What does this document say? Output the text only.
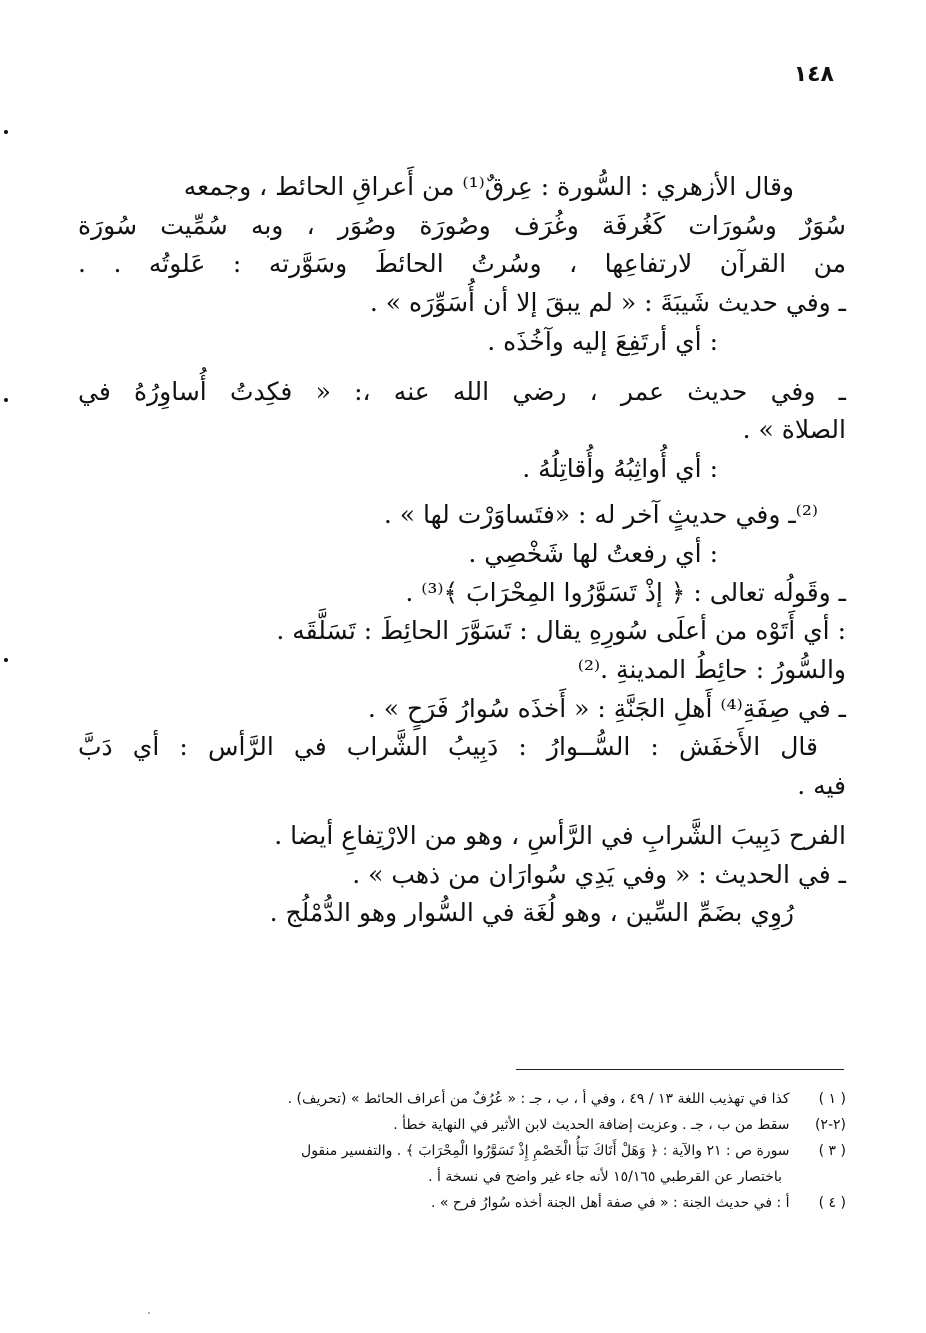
١٤٨
وقال الأزهري : السُّورة : عِرقٌ⁽¹⁾ من أَعراقِ الحائط ، وجمعه
سُوَرٌ وسُورَات كَغُرفَة وغُرَف وصُورَة وصُوَر ، وبه سُمِّيت سُورَة
من القرآن لارتفاعِها ، وسُرتُ الحائطَ وسَوَّرته : عَلوتُه . .
ـ وفي حديث شَيبَةَ : « لم يبقَ إلا أن أُسَوِّرَه » .
: أي أرتَفِعَ إليه وآخُذَه .
ـ وفي حديث عمر ، رضي الله عنه ،: « فكِدتُ أُساوِرُهُ في
الصلاة » .
: أي أُواثِبُهُ وأُقاتِلُهُ .
⁽²⁾ـ وفي حديثٍ آخر له : «فتَساوَرْت لها » .
: أي رفعتُ لها شَخْصِي .
ـ وقَولُه تعالى : ﴿ إذْ تَسَوَّرُوا المِحْرَابَ ﴾⁽³⁾ .
: أي أَتَوْه من أعلَى سُورِهِ يقال : تَسَوَّرَ الحائِطَ : تَسَلَّقَه .
والسُّورُ : حائِطُ المدينةِ .⁽²⁾
ـ في صِفَةِ⁽⁴⁾ أَهلِ الجَنَّةِ : « أَخذَه سُوارُ فَرَحٍ » .
قال الأَخفَش : السُّــوارُ : دَبِيبُ الشَّراب في الرَّأس : أي دَبَّ
فيه .
الفرح دَبِيبَ الشَّرابِ في الرَّأسِ ، وهو من الارْتِفاعِ أيضا .
ـ في الحديث : « وفي يَدِي سُوارَان من ذهب » .
رُوِي بضَمِّ السِّين ، وهو لُغَة في السُّوار وهو الدُّمْلُج .
( ١ ) كذا في تهذيب اللغة ١٣ / ٤٩ ، وفي أ ، ب ، جـ : « عُرُفٌ من أعراف الحائط » (تحريف) .
(٢-٢) سقط من ب ، جـ . وعزيت إضافة الحديث لابن الأثير في النهاية خطأ .
( ٣ ) سورة ص : ٢١ والآية : ﴿ وَهَلْ أَتَاكَ نَبَأُ الْخَصْمِ إِذْ تَسَوَّرُوا الْمِحْرَابَ ﴾ . والتفسير منقول
باختصار عن القرطبي ١٥/١٦٥ لأنه جاء غير واضح في نسخة أ .
( ٤ ) أ : في حديث الجنة : « في صفة أهل الجنة أخذه سُوارُ فرح » .
